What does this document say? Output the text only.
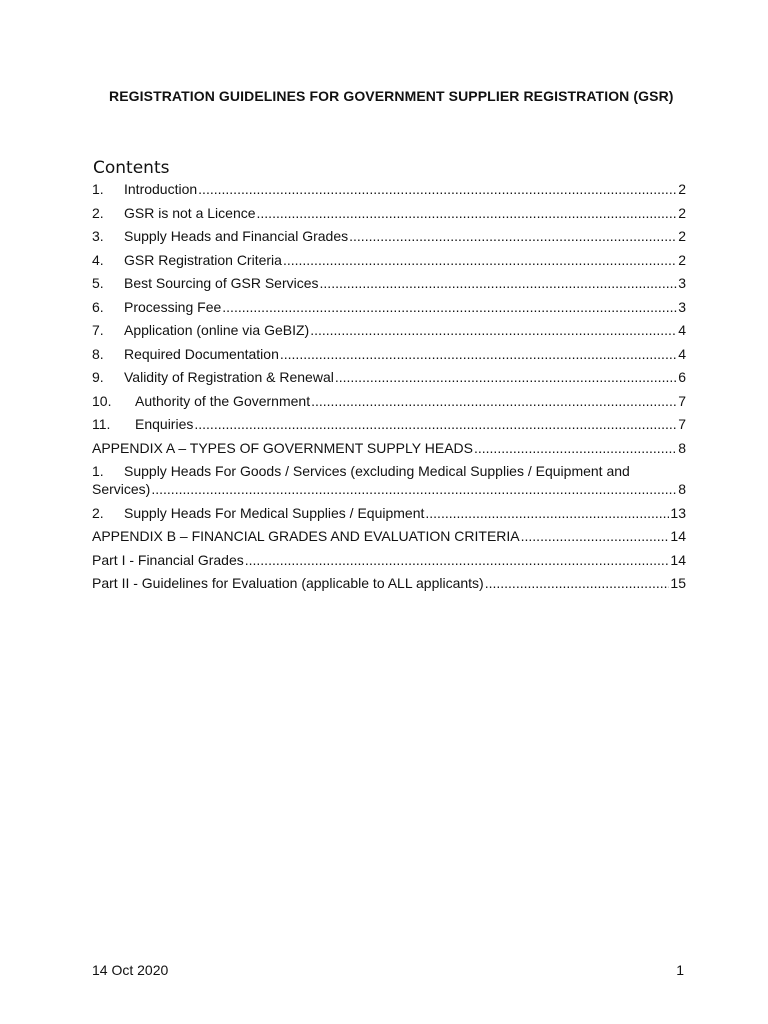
REGISTRATION GUIDELINES FOR GOVERNMENT SUPPLIER REGISTRATION (GSR)
Contents
1.	Introduction .....	2
2.	GSR is not a Licence .....	2
3.	Supply Heads and Financial Grades .....	2
4.	GSR Registration Criteria .....	2
5.	Best Sourcing of GSR Services .....	3
6.	Processing Fee .....	3
7.	Application (online via GeBIZ) .....	4
8.	Required Documentation .....	4
9.	Validity of Registration & Renewal .....	6
10.	Authority of the Government .....	7
11.	Enquiries .....	7
APPENDIX A – TYPES OF GOVERNMENT SUPPLY HEADS .....	8
1.	Supply Heads For Goods / Services (excluding Medical Supplies / Equipment and
Services) .....	8
2.	Supply Heads For Medical Supplies / Equipment .....	13
APPENDIX B – FINANCIAL GRADES AND EVALUATION CRITERIA .....	14
Part I - Financial Grades .....	14
Part II - Guidelines for Evaluation (applicable to ALL applicants) .....	15
14 Oct 2020	1
